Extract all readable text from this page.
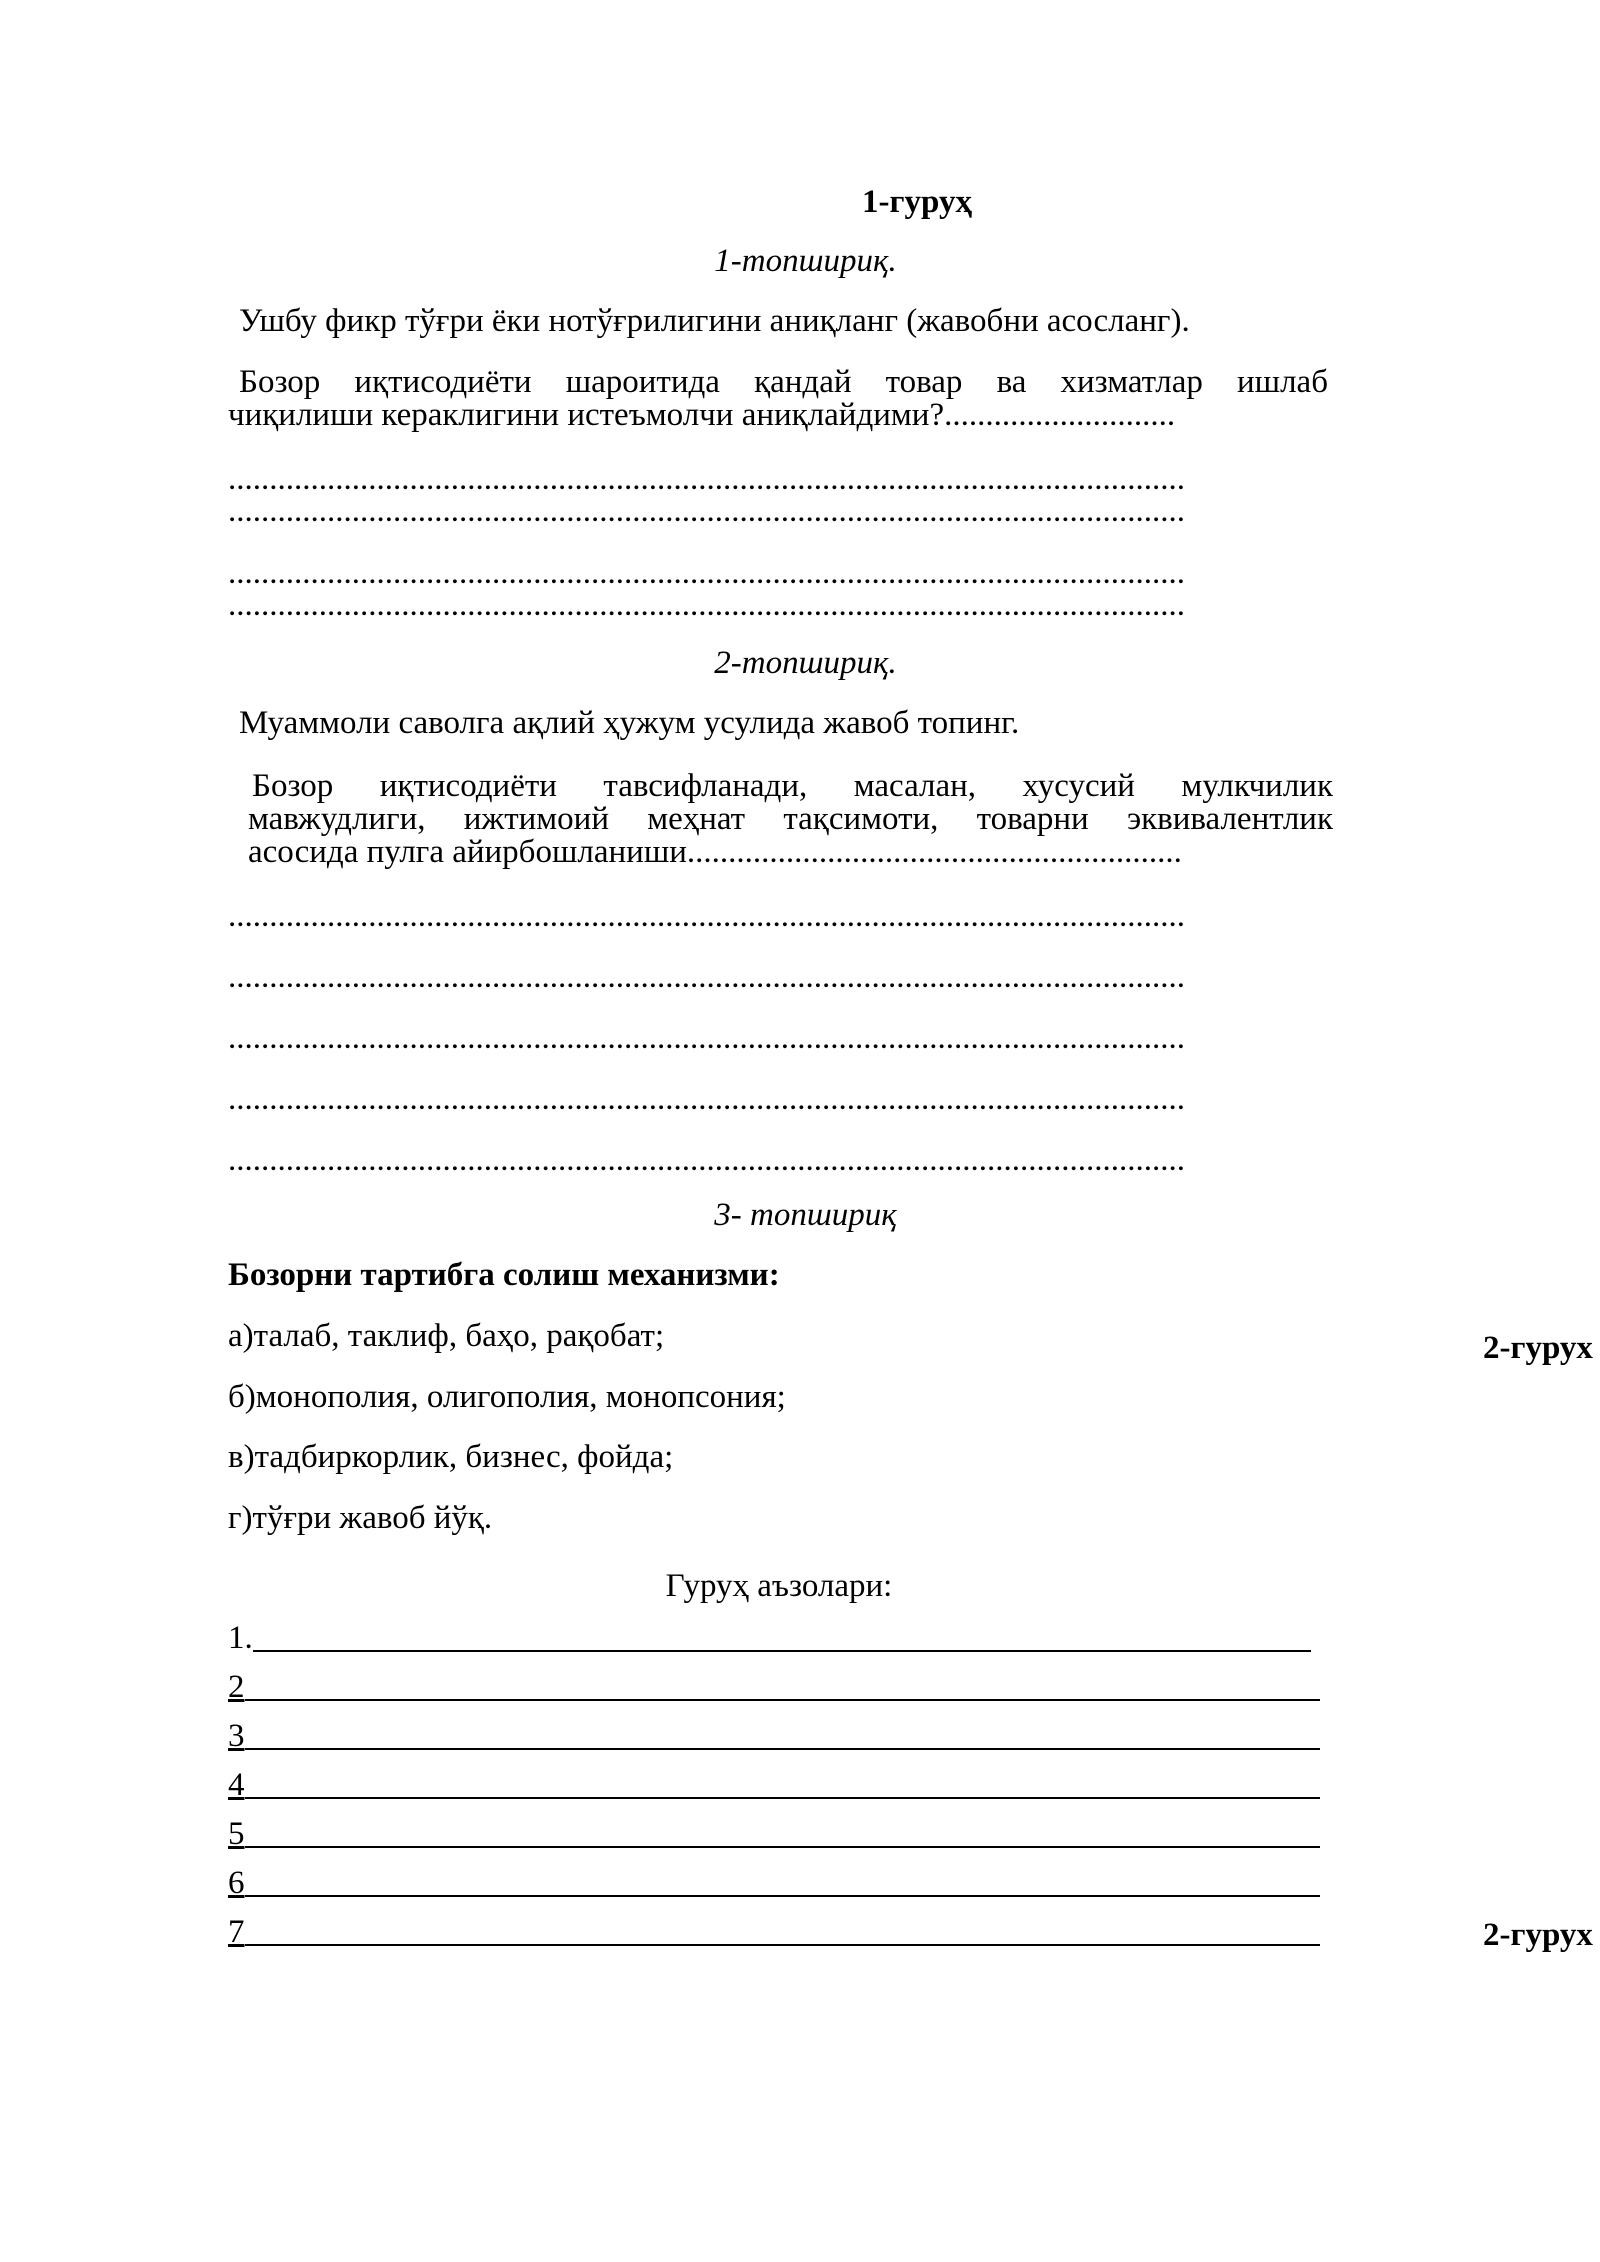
1-гуруҳ
1-топшириқ.
Ушбу фикр тўғри ёки нотўғрилигини аниқланг (жавобни асосланг).
Бозор иқтисодиёти шароитида қандай товар ва хизматлар ишлаб
чиқилиши кераклигини истеъмолчи аниқлайдими?............................
....................................................................................................................
....................................................................................................................
....................................................................................................................
....................................................................................................................
2-топшириқ.
Муаммоли саволга ақлий ҳужум усулида жавоб топинг.
Бозор иқтисодиёти тавсифланади, масалан, хусусий мулкчилик
мавжудлиги, ижтимоий меҳнат тақсимоти, товарни эквивалентлик
асосида пулга айирбошланиши............................................................
....................................................................................................................
....................................................................................................................
....................................................................................................................
....................................................................................................................
....................................................................................................................
3- топшириқ
Бозорни тартибга солиш механизми:
а)талаб, таклиф, баҳо, рақобат;
б)монополия, олигополия, монопсония;
в)тадбиркорлик, бизнес, фойда;
г)тўғри жавоб йўқ.
Гуруҳ аъзолари:
1.
2
3
4
5
6
7
2-гурух
2-гурух
